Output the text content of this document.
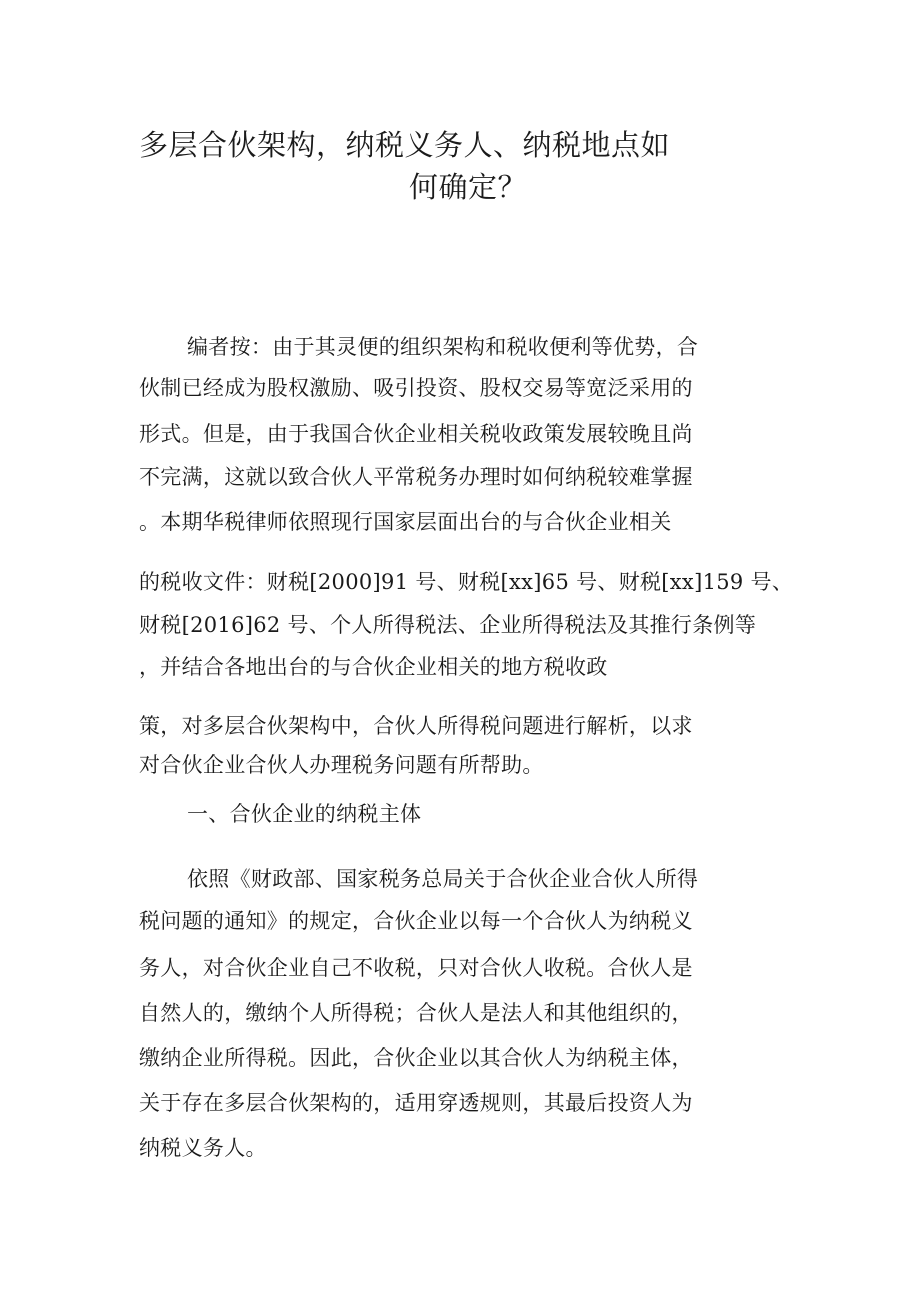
多层合伙架构，纳税义务人、纳税地点如
何确定？
编者按：由于其灵便的组织架构和税收便利等优势，合
伙制已经成为股权激励、吸引投资、股权交易等宽泛采用的
形式。但是，由于我国合伙企业相关税收政策发展较晚且尚
不完满，这就以致合伙人平常税务办理时如何纳税较难掌握
。本期华税律师依照现行国家层面出台的与合伙企业相关
的税收文件：财税[2000]91 号、财税[xx]65 号、财税[xx]159 号、
财税[2016]62 号、个人所得税法、企业所得税法及其推行条例等
，并结合各地出台的与合伙企业相关的地方税收政
策，对多层合伙架构中，合伙人所得税问题进行解析，以求
对合伙企业合伙人办理税务问题有所帮助。
一、合伙企业的纳税主体
依照《财政部、国家税务总局关于合伙企业合伙人所得
税问题的通知》的规定，合伙企业以每一个合伙人为纳税义
务人，对合伙企业自己不收税，只对合伙人收税。合伙人是
自然人的，缴纳个人所得税；合伙人是法人和其他组织的，
缴纳企业所得税。因此，合伙企业以其合伙人为纳税主体，
关于存在多层合伙架构的，适用穿透规则，其最后投资人为
纳税义务人。
